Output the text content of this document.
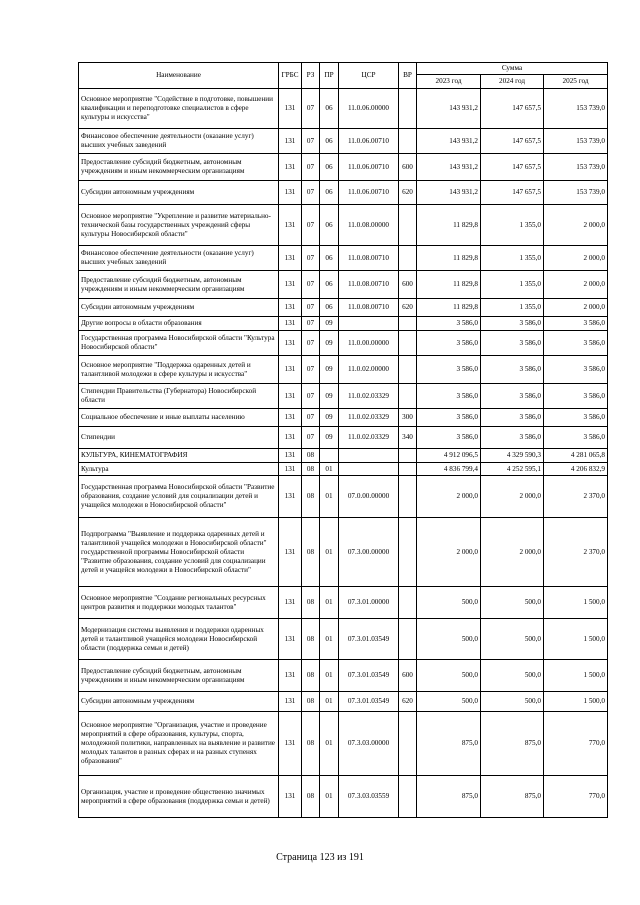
Наименование	ГРБС	РЗ	ПР	ЦСР	ВР	Сумма		
						2023 год	2024 год	2025 год
Основное мероприятие "Содействие в подготовке, повышении квалификации и переподготовке специалистов в сфере культуры и искусства"	131	07	06	11.0.06.00000		143 931,2	147 657,5	153 739,0
Финансовое обеспечение деятельности (оказание услуг) высших учебных заведений	131	07	06	11.0.06.00710		143 931,2	147 657,5	153 739,0
Предоставление субсидий бюджетным, автономным учреждениям и иным некоммерческим организациям	131	07	06	11.0.06.00710	600	143 931,2	147 657,5	153 739,0
Субсидии автономным учреждениям	131	07	06	11.0.06.00710	620	143 931,2	147 657,5	153 739,0
Основное мероприятие "Укрепление и развитие материально-технической базы государственных учреждений сферы культуры Новосибирской области"	131	07	06	11.0.08.00000		11 829,8	1 355,0	2 000,0
Финансовое обеспечение деятельности (оказание услуг) высших учебных заведений	131	07	06	11.0.08.00710		11 829,8	1 355,0	2 000,0
Предоставление субсидий бюджетным, автономным учреждениям и иным некоммерческим организациям	131	07	06	11.0.08.00710	600	11 829,8	1 355,0	2 000,0
Субсидии автономным учреждениям	131	07	06	11.0.08.00710	620	11 829,8	1 355,0	2 000,0
Другие вопросы в области образования	131	07	09			3 586,0	3 586,0	3 586,0
Государственная программа Новосибирской области "Культура Новосибирской области"	131	07	09	11.0.00.00000		3 586,0	3 586,0	3 586,0
Основное мероприятие "Поддержка одаренных детей и талантливой молодежи в сфере культуры и искусства"	131	07	09	11.0.02.00000		3 586,0	3 586,0	3 586,0
Стипендии Правительства (Губернатора) Новосибирской области	131	07	09	11.0.02.03329		3 586,0	3 586,0	3 586,0
Социальное обеспечение и иные выплаты населению	131	07	09	11.0.02.03329	300	3 586,0	3 586,0	3 586,0
Стипендии	131	07	09	11.0.02.03329	340	3 586,0	3 586,0	3 586,0
КУЛЬТУРА, КИНЕМАТОГРАФИЯ	131	08				4 912 096,5	4 329 590,3	4 281 065,8
Культура	131	08	01			4 836 799,4	4 252 595,1	4 206 832,9
Государственная программа Новосибирской области "Развитие образования, создание условий для социализации детей и учащейся молодежи в Новосибирской области"	131	08	01	07.0.00.00000		2 000,0	2 000,0	2 370,0
Подпрограмма "Выявление и поддержка одаренных детей и талантливой учащейся молодежи в Новосибирской области" государственной программы Новосибирской области "Развитие образования, создание условий для социализации детей и учащейся молодежи в Новосибирской области"	131	08	01	07.3.00.00000		2 000,0	2 000,0	2 370,0
Основное мероприятие "Создание региональных ресурсных центров развития и поддержки молодых талантов"	131	08	01	07.3.01.00000		500,0	500,0	1 500,0
Модернизация системы выявления и поддержки одаренных детей и талантливой учащейся молодежи Новосибирской области (поддержка семьи и детей)	131	08	01	07.3.01.03549		500,0	500,0	1 500,0
Предоставление субсидий бюджетным, автономным учреждениям и иным некоммерческим организациям	131	08	01	07.3.01.03549	600	500,0	500,0	1 500,0
Субсидии автономным учреждениям	131	08	01	07.3.01.03549	620	500,0	500,0	1 500,0
Основное мероприятие "Организация, участие и проведение мероприятий в сфере образования, культуры, спорта, молодежной политики, направленных на выявление и развитие молодых талантов в разных сферах и на разных ступенях образования"	131	08	01	07.3.03.00000		875,0	875,0	770,0
Организация, участие и проведение общественно значимых мероприятий в сфере образования (поддержка семьи и детей)	131	08	01	07.3.03.03559		875,0	875,0	770,0
Страница 123 из 191
